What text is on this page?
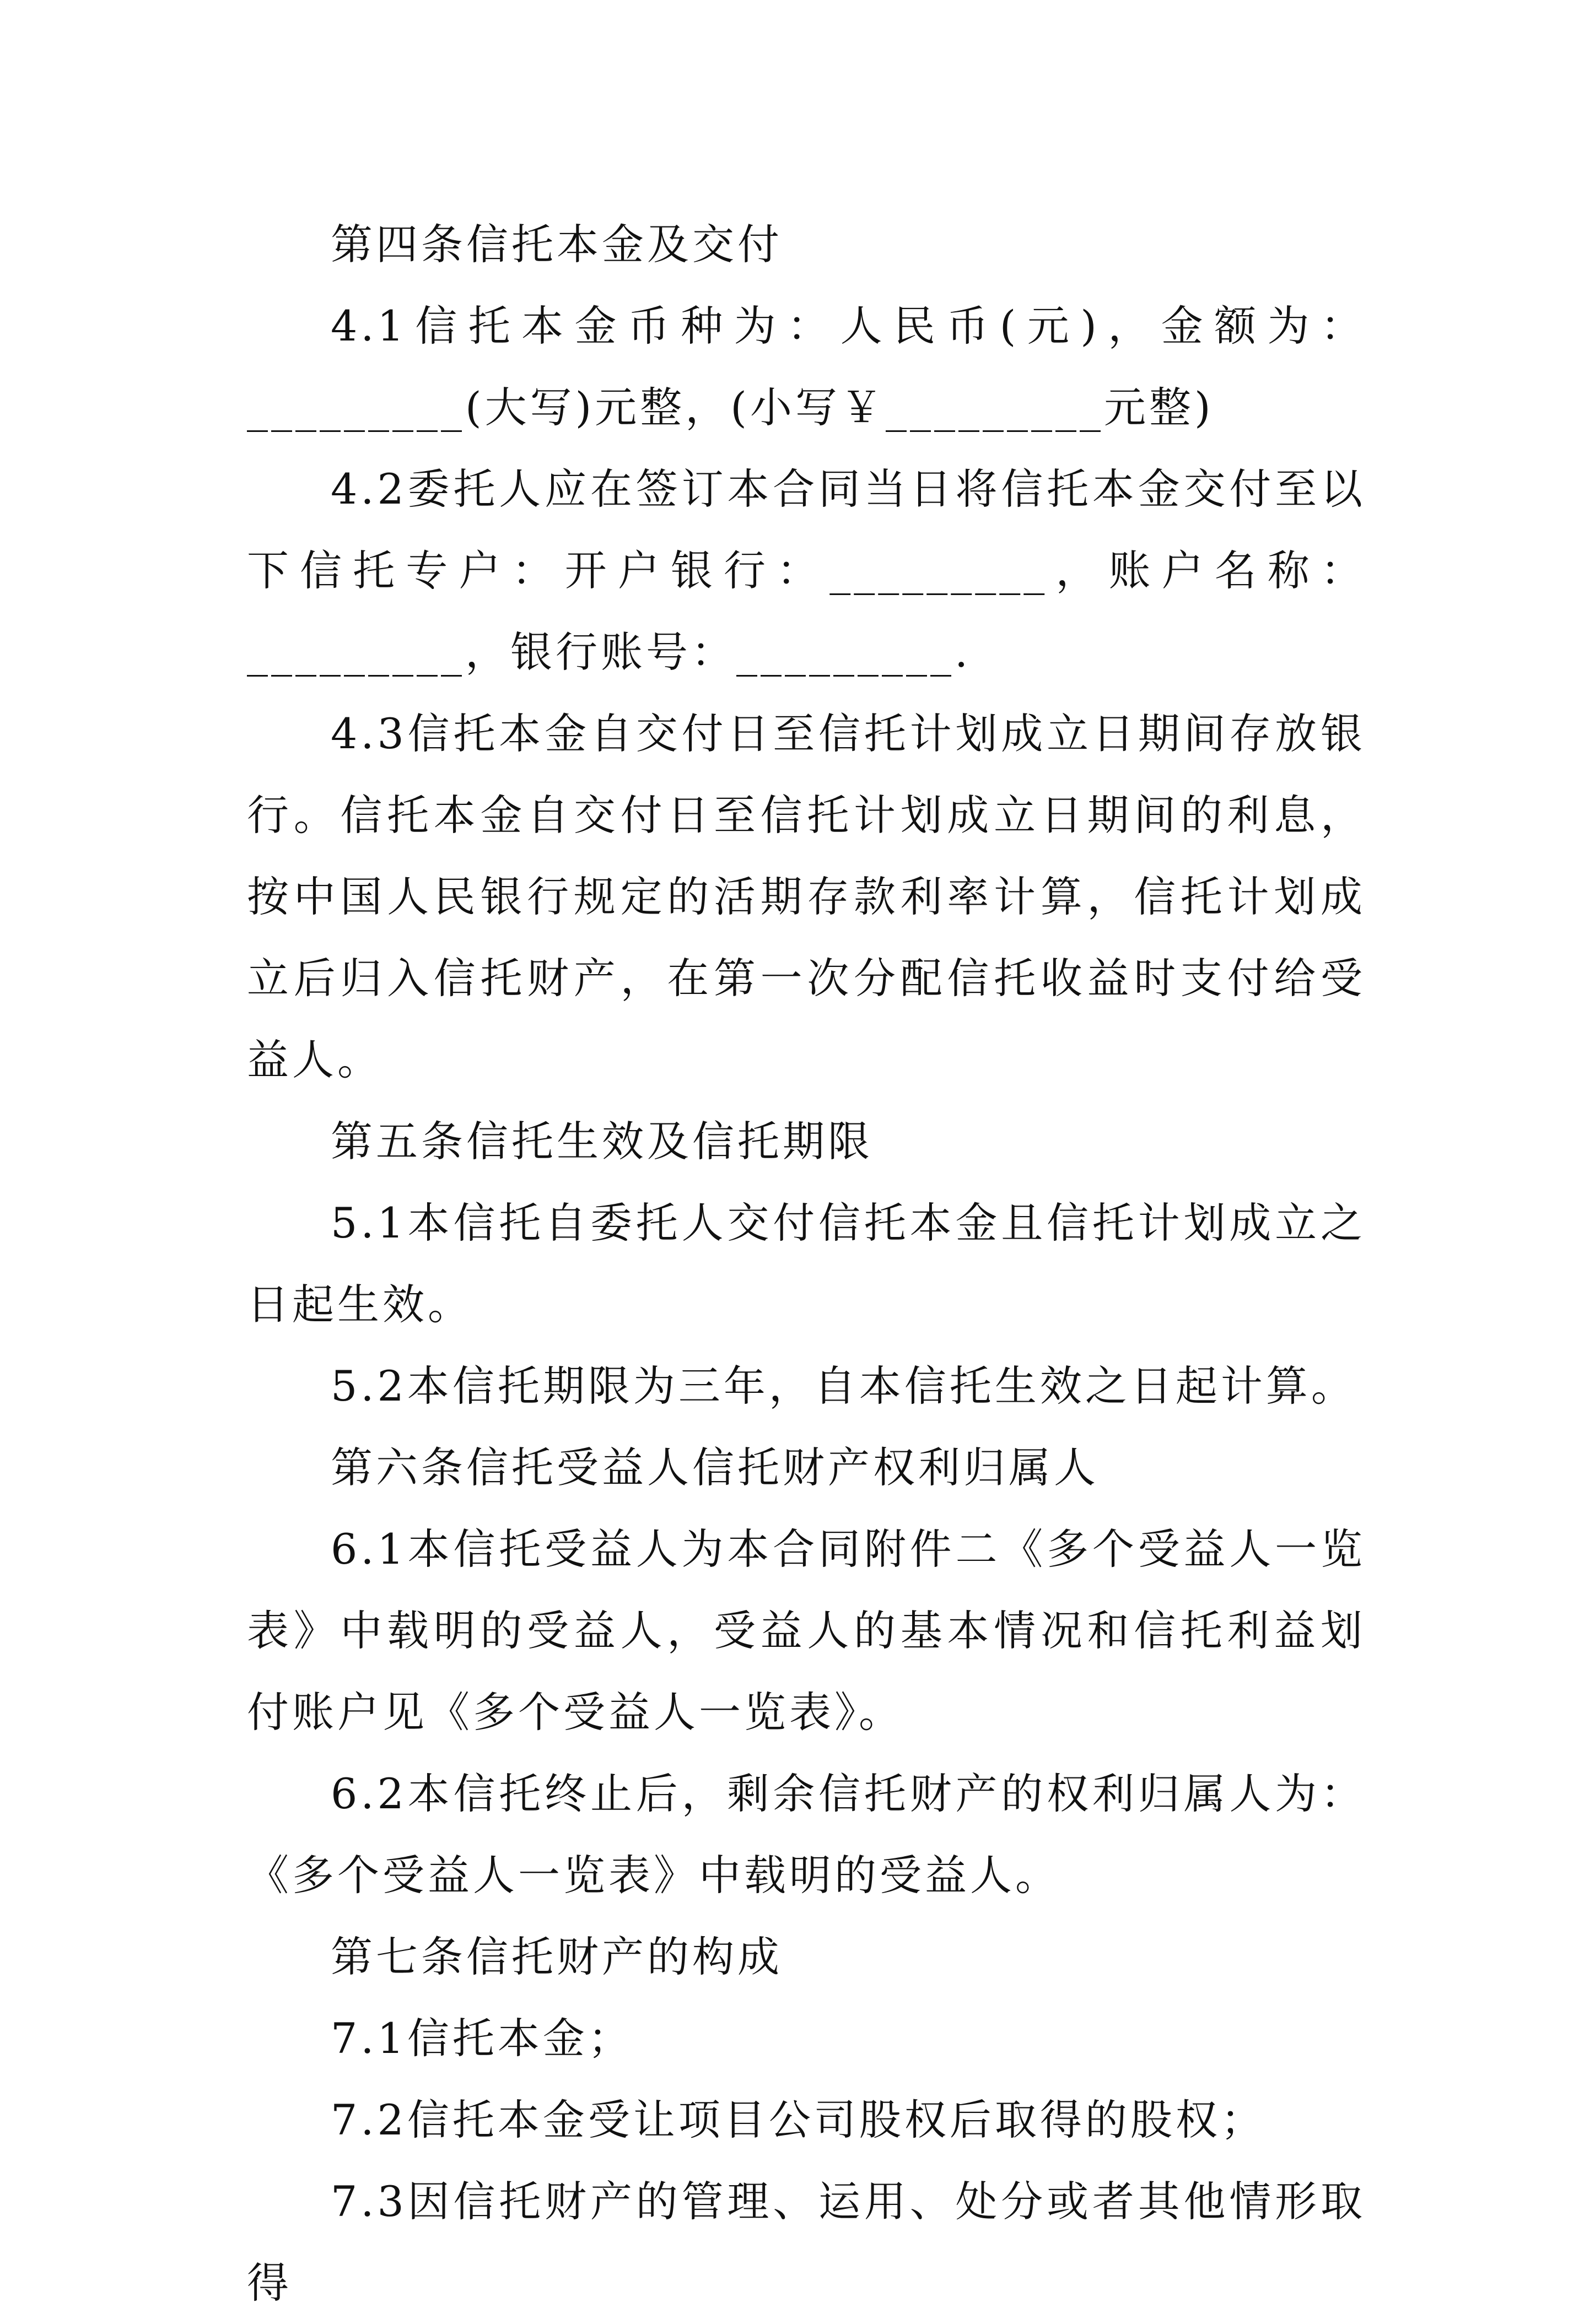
第四条信托本金及交付

4.1信托本金币种为：人民币(元)，金额为：_________(大写)元整，(小写￥_________元整)

4.2委托人应在签订本合同当日将信托本金交付至以下信托专户：开户银行：_________，账户名称：_________，银行账号：_________.

4.3信托本金自交付日至信托计划成立日期间存放银行。信托本金自交付日至信托计划成立日期间的利息，按中国人民银行规定的活期存款利率计算，信托计划成立后归入信托财产，在第一次分配信托收益时支付给受益人。

第五条信托生效及信托期限

5.1本信托自委托人交付信托本金且信托计划成立之日起生效。

5.2本信托期限为三年，自本信托生效之日起计算。

第六条信托受益人信托财产权利归属人

6.1本信托受益人为本合同附件二《多个受益人一览表》中载明的受益人，受益人的基本情况和信托利益划付账户见《多个受益人一览表》。

6.2本信托终止后，剩余信托财产的权利归属人为：《多个受益人一览表》中载明的受益人。

第七条信托财产的构成

7.1信托本金；

7.2信托本金受让项目公司股权后取得的股权；

7.3因信托财产的管理、运用、处分或者其他情形取得
